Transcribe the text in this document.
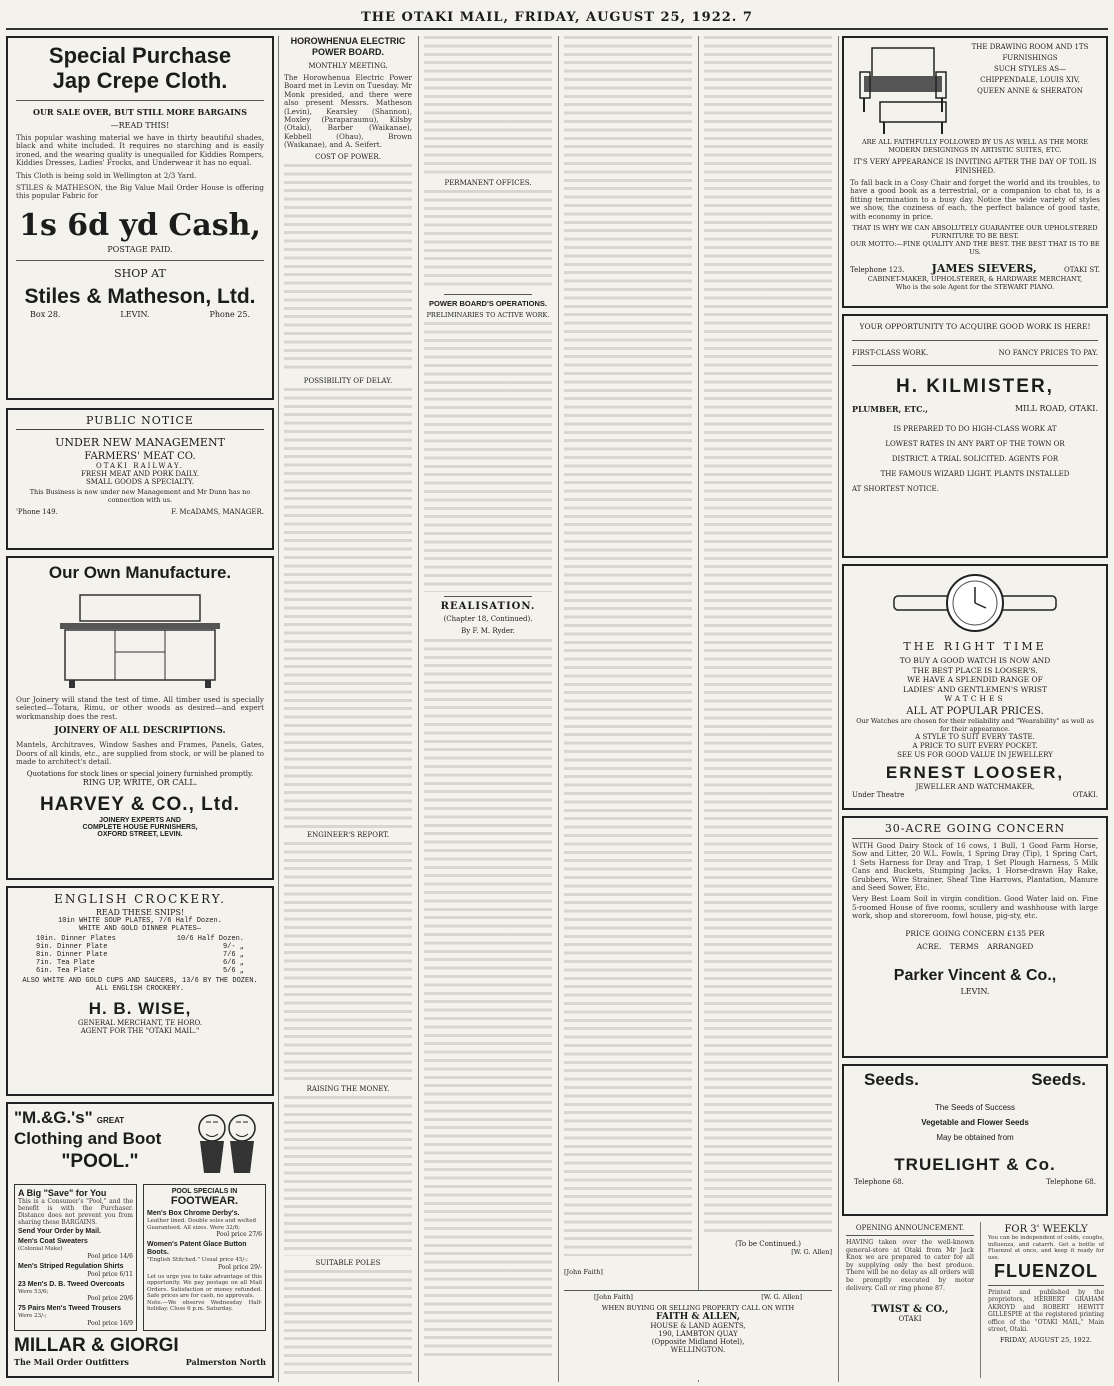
THE OTAKI MAIL, FRIDAY, AUGUST 25, 1922. 7
Special Purchase
Jap Crepe Cloth.
OUR SALE OVER, BUT STILL MORE BARGAINS
—READ THIS!
This popular washing material we have in thirty beautiful shades, black and white included. It requires no starching and is easily ironed, and the wearing quality is unequalled for Kiddies Rompers, Kiddies Dresses, Ladies' Frocks, and Underwear it has no equal.
This Cloth is being sold in Wellington at 2/3 Yard.
STILES & MATHESON, the Big Value Mail Order House is offering this popular Fabric for
1s 6d yd Cash,
POSTAGE PAID.
SHOP AT
Stiles & Matheson, Ltd.
Box 28.	LEVIN.	Phone 25.
PUBLIC NOTICE
UNDER NEW MANAGEMENT
FARMERS' MEAT CO.
OTAKI RAILWAY.
FRESH MEAT AND PORK DAILY.
SMALL GOODS A SPECIALTY.
This Business is now under new Management and Mr Dunn has no connection with us.
'Phone 149.	F. McADAMS, MANAGER.
Our Own Manufacture.
Our Joinery will stand the test of time. All timber used is specially selected—Totara, Rimu, or other woods as desired—and expert workmanship does the rest.
JOINERY OF ALL DESCRIPTIONS.
Mantels, Architraves, Window Sashes and Frames, Panels, Gates, Doors of all kinds, etc., are supplied from stock, or will be planed to made to architect's detail.
Quotations for stock lines or special joinery furnished promptly.
RING UP, WRITE, OR CALL.
HARVEY & CO., Ltd.
JOINERY EXPERTS AND
COMPLETE HOUSE FURNISHERS,
OXFORD STREET, LEVIN.
ENGLISH CROCKERY.
READ THESE SNIPS!
10in WHITE SOUP PLATES, 7/6 Half Dozen.
WHITE AND GOLD DINNER PLATES—
10in. Dinner Plates	10/6 Half Dozen.
9in. Dinner Plate	9/- „
8in. Dinner Plate	7/6 „
7in. Tea Plate	6/6 „
6in. Tea Plate	5/6 „
ALSO WHITE AND GOLD CUPS AND SAUCERS, 13/6 BY THE DOZEN.
ALL ENGLISH CROCKERY.
H. B. WISE,
GENERAL MERCHANT, TE HORO.
AGENT FOR THE "OTAKI MAIL."
"M.&G.'s" GREAT
Clothing and Boot
"POOL."
A Big "Save" for You
This is a Consumer's "Pool," and the benefit is with the Purchaser. Distance does not prevent you from sharing these BARGAINS.
Send Your Order by Mail.
Men's Coat Sweaters
(Colonial Make)
Pool price 14/6
Men's Striped Regulation Shirts
Pool price 6/11
23 Men's D. B. Tweed Overcoats
Were 53/6;
Pool price 29/6
75 Pairs Men's Tweed Trousers
Were 23/-;
Pool price 16/9
POOL SPECIALS IN
FOOTWEAR.
Men's Box Chrome Derby's.
Leather lined. Double soles and welted Guaranteed. All sizes. Were 32/6;
Pool price 27/6
Women's Patent Glace Button Boots.
"English Stitched." Usual price 45/-;
Pool price 29/-
Let us urge you to take advantage of this opportunity. We pay postage on all Mail Orders. Satisfaction or money refunded. Safe prices are for cash, no approvals.
Note.—We observe Wednesday Half-holiday. Close 6 p.m. Saturday.
MILLAR & GIORGI
The Mail Order Outfitters	Palmerston North
HOROWHENUA ELECTRIC POWER BOARD.
MONTHLY MEETING.
The Horowhenua Electric Power Board met in Levin on Tuesday. Mr Monk presided, and there were also present Messrs. Matheson (Levin), Kearsley (Shannon), Moxley (Paraparaumu), Kilsby (Otaki), Barber (Waikanae), Kebbell (Ohau), Brown (Waikanae), and A. Seifert.
COST OF POWER.
POSSIBILITY OF DELAY.
ENGINEER'S REPORT.
RAISING THE MONEY.
SUITABLE POLES
PERMANENT OFFICES.
POWER BOARD'S OPERATIONS.
PRELIMINARIES TO ACTIVE WORK.
REALISATION.
(Chapter 18, Continued).
By F. M. Ryder.
[John Faith]
(To be Continued.)
[W. G. Allen]
[John Faith]	[W. G. Allen]
WHEN BUYING OR SELLING PROPERTY CALL ON WITH
FAITH & ALLEN,
HOUSE & LAND AGENTS,
190, LAMBTON QUAY
(Opposite Midland Hotel),
WELLINGTON.
THE DRAWING ROOM AND 1TS FURNISHINGS
SUCH STYLES AS—
CHIPPENDALE, LOUIS XIV,
QUEEN ANNE & SHERATON
ARE ALL FAITHFULLY FOLLOWED BY US AS WELL AS THE MORE MODERN DESIGNINGS IN ARTISTIC SUITES, ETC.
IT'S VERY APPEARANCE IS INVITING AFTER THE DAY OF TOIL IS FINISHED.
To fall back in a Cosy Chair and forget the world and its troubles, to have a good book as a terrestrial, or a companion to chat to, is a fitting termination to a busy day. Notice the wide variety of styles we show, the coziness of each, the perfect balance of good taste, with economy in price.
THAT IS WHY WE CAN ABSOLUTELY GUARANTEE OUR UPHOLSTERED FURNITURE TO BE BEST.
OUR MOTTO:—FINE QUALITY AND THE BEST. THE BEST THAT IS TO BE US.
Telephone 123. JAMES SIEVERS,	OTAKI ST.
CABINET-MAKER, UPHOLSTERER, & HARDWARE MERCHANT,
Who is the sole Agent for the STEWART PIANO.
YOUR OPPORTUNITY TO ACQUIRE GOOD WORK IS HERE!
FIRST-CLASS WORK.	NO FANCY PRICES TO PAY.
H. KILMISTER,
PLUMBER, ETC.,	MILL ROAD, OTAKI.
IS PREPARED TO DO HIGH-CLASS WORK AT
LOWEST RATES IN ANY PART OF THE TOWN OR
DISTRICT. A TRIAL SOLICITED. AGENTS FOR
THE FAMOUS WIZARD LIGHT. PLANTS INSTALLED
AT SHORTEST NOTICE.
THE RIGHT TIME
TO BUY A GOOD WATCH IS NOW AND
THE BEST PLACE IS LOOSER'S.
WE HAVE A SPLENDID RANGE OF
LADIES' AND GENTLEMEN'S WRIST
WATCHES
ALL AT POPULAR PRICES.
Our Watches are chosen for their reliability and "Wearability" as well as for their appearance.
A STYLE TO SUIT EVERY TASTE.
A PRICE TO SUIT EVERY POCKET.
SEE US FOR GOOD VALUE IN JEWELLERY
ERNEST LOOSER,
JEWELLER AND WATCHMAKER,
Under Theatre	OTAKI.
30-ACRE GOING CONCERN
WITH Good Dairy Stock of 16 cows, 1 Bull, 1 Good Farm Horse, Sow and Litter, 20 W.L. Fowls, 1 Spring Dray (Tip), 1 Spring Cart, 1 Sets Harness for Dray and Trap, 1 Set Plough Harness, 5 Milk Cans and Buckets, Stumping Jacks, 1 Horse-drawn Hay Rake, Grubbers, Wire Strainer, Sheaf Tine Harrows, Plantation, Manure and Seed Sower, Etc.
Very Best Loam Soil in virgin condition. Good Water laid on. Fine 5-roomed House of five rooms, scullery and washhouse with large work, shop and storeroom, fowl house, pig-sty, etc.
PRICE GOING CONCERN £135 PER
ACRE. TERMS ARRANGED
Parker Vincent & Co.,
LEVIN.
Seeds.	Seeds.
The Seeds of Success
Vegetable and Flower Seeds
May be obtained from
TRUELIGHT & Co.
Telephone 68.	Telephone 68.
OPENING ANNOUNCEMENT.
HAVING taken over the well-known general-store at Otaki from Mr Jack Knox we are prepared to cater for all by supplying only the best produce. There will be no delay as all orders will be promptly executed by motor delivery. Call or ring phone 87.
TWIST & CO.,
OTAKI
FOR 3' WEEKLY
You can be independent of colds, coughs, influenza, and catarrh. Get a bottle of Fluenzol at once, and keep it ready for use.
FLUENZOL
Printed and published by the proprietors, HERBERT GRAHAM AKROYD and ROBERT HEWITT GILLESPIE at the registered printing office of the "OTAKI MAIL," Main street, Otaki.
FRIDAY, AUGUST 25, 1922.
